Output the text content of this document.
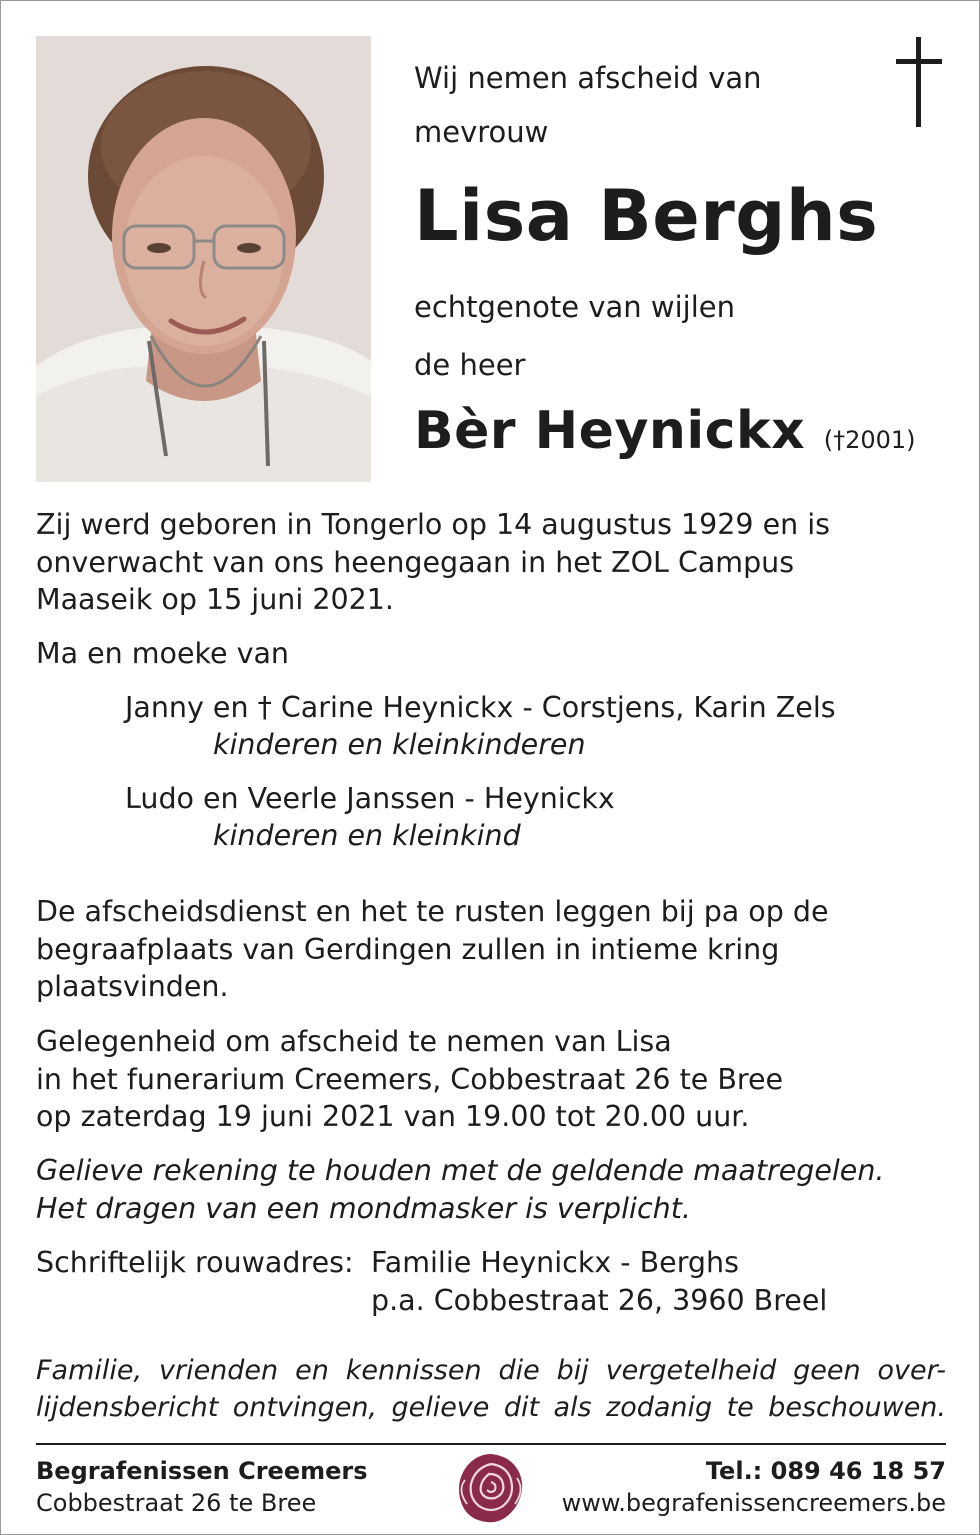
Wij nemen afscheid van
mevrouw
Lisa Berghs
echtgenote van wijlen
de heer
Bèr Heynickx (†2001)
Zij werd geboren in Tongerlo op 14 augustus 1929 en is
onverwacht van ons heengegaan in het ZOL Campus
Maaseik op 15 juni 2021.
Ma en moeke van
Janny en † Carine Heynickx - Corstjens, Karin Zels
kinderen en kleinkinderen
Ludo en Veerle Janssen - Heynickx
kinderen en kleinkind
De afscheidsdienst en het te rusten leggen bij pa op de
begraafplaats van Gerdingen zullen in intieme kring
plaatsvinden.
Gelegenheid om afscheid te nemen van Lisa
in het funerarium Creemers, Cobbestraat 26 te Bree
op zaterdag 19 juni 2021 van 19.00 tot 20.00 uur.
Gelieve rekening te houden met de geldende maatregelen.
Het dragen van een mondmasker is verplicht.
Schriftelijk rouwadres: Familie Heynickx - Berghs
p.a. Cobbestraat 26, 3960 Breel
Familie, vrienden en kennissen die bij vergetelheid geen over-
lijdensbericht ontvingen, gelieve dit als zodanig te beschouwen.
Begrafenissen Creemers
Cobbestraat 26 te Bree
Tel.: 089 46 18 57
www.begrafenissencreemers.be
